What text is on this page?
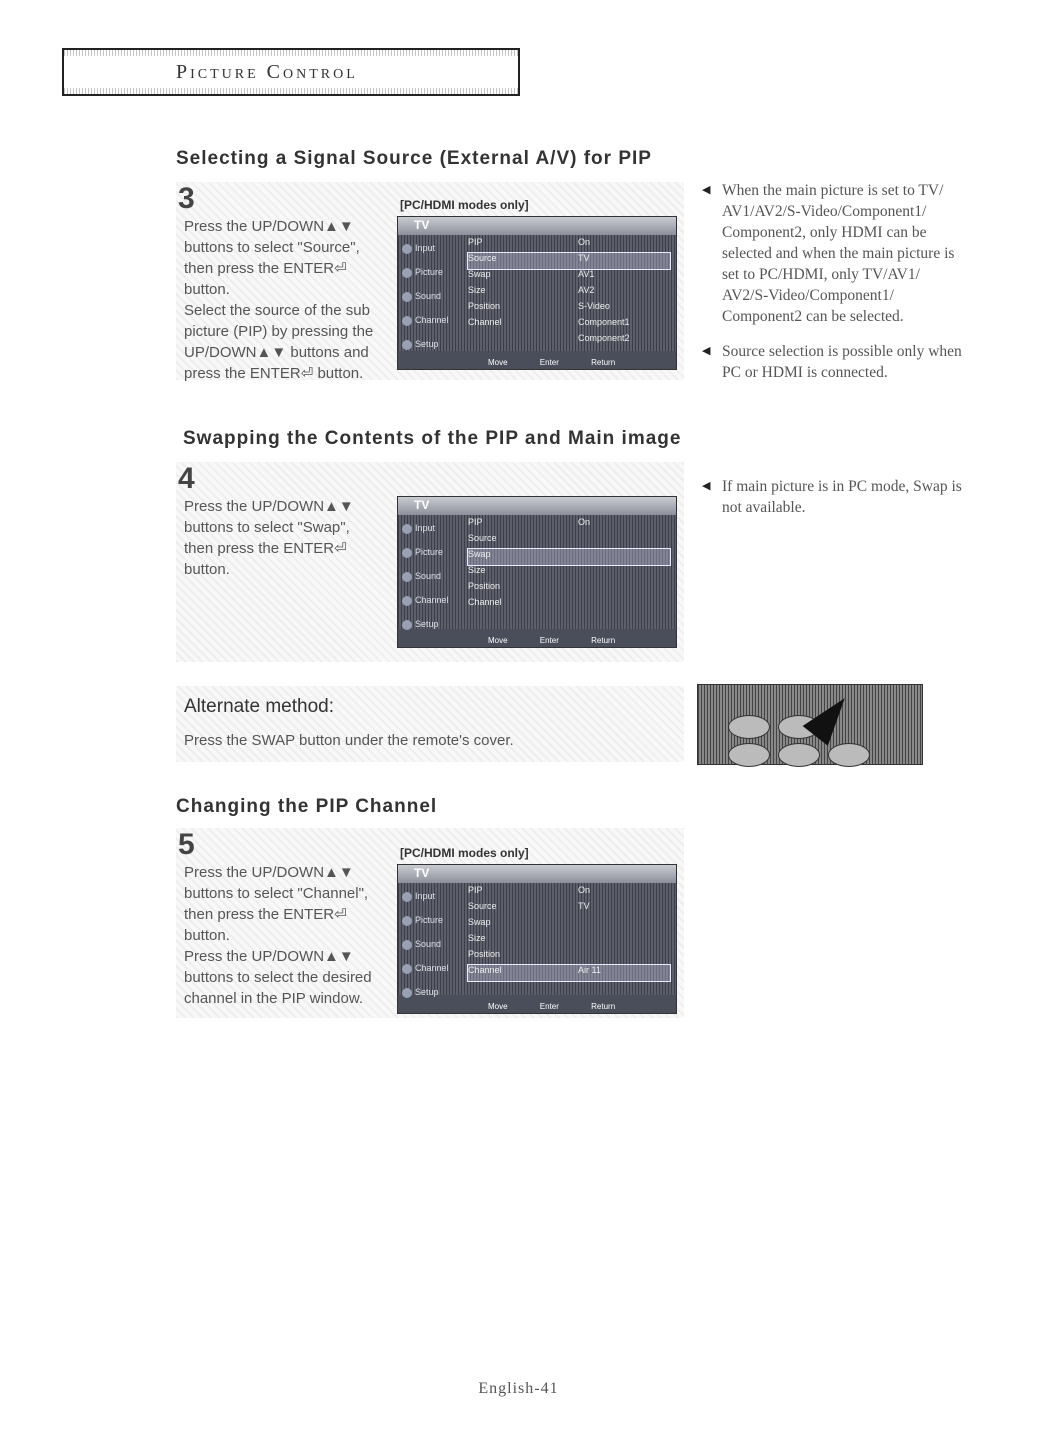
Picture Control
Selecting a Signal Source (External A/V) for PIP
3	[PC/HDMI modes only]
Press the UP/DOWN▲▼
buttons to select "Source",
then press the ENTER⏎
button.
Select the source of the sub
picture (PIP) by pressing the
UP/DOWN▲▼ buttons and
press the ENTER⏎ button.
TV
Input
Picture
Sound
Channel
Setup
PIP	On
Source	TV
Swap	AV1
Size	AV2
Position	S-Video
Channel	Component1
Component2
Move Enter Return
◀ When the main picture is set to TV/ AV1/AV2/S-Video/Component1/ Component2, only HDMI can be selected and when the main picture is set to PC/HDMI, only TV/AV1/ AV2/S-Video/Component1/ Component2 can be selected.
◀ Source selection is possible only when PC or HDMI is connected.
Swapping the Contents of the PIP and Main image
4
Press the UP/DOWN▲▼
buttons to select "Swap",
then press the ENTER⏎
button.
TV
Input
Picture
Sound
Channel
Setup
PIP	On
Source
Swap
Size
Position
Channel
Move Enter Return
◀ If main picture is in PC mode, Swap is not available.
Alternate method:
Press the SWAP button under the remote's cover.
Changing the PIP Channel
5	[PC/HDMI modes only]
Press the UP/DOWN▲▼
buttons to select "Channel",
then press the ENTER⏎
button.
Press the UP/DOWN▲▼
buttons to select the desired
channel in the PIP window.
TV
Input
Picture
Sound
Channel
Setup
PIP	On
Source	TV
Swap
Size
Position
Channel	Air 11
Move Enter Return
English-41
